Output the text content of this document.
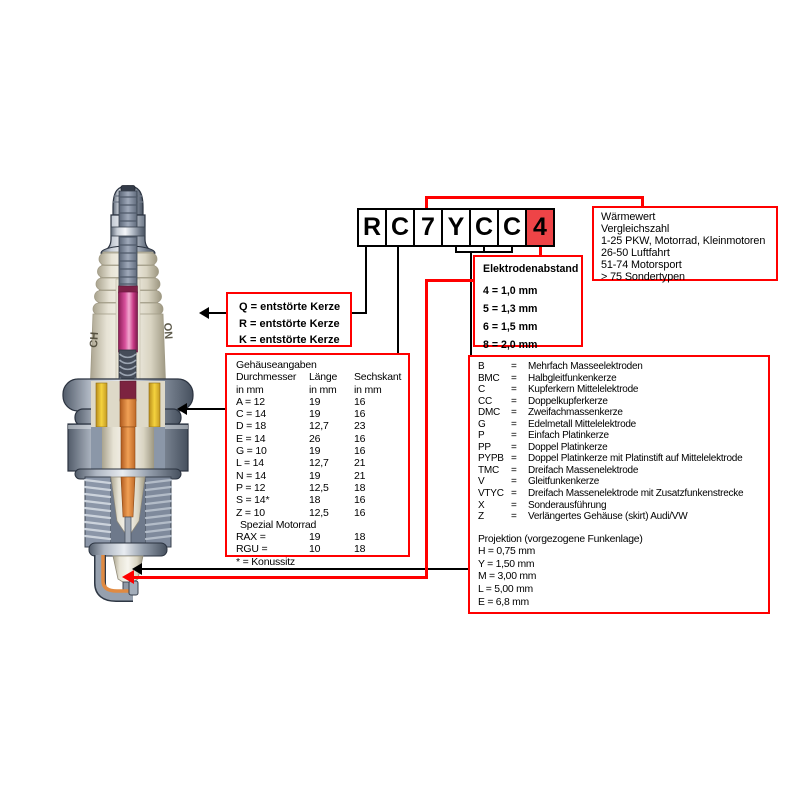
CH
ON
R C 7 Y C C 4
Q = entstörte Kerze
R = entstörte Kerze
K = entstörte Kerze
Wärmewert
Vergleichszahl
1-25 PKW, Motorrad, Kleinmotoren
26-50 Luftfahrt
51-74 Motorsport
> 75 Sondertypen
Elektrodenabstand
4 = 1,0 mm
5 = 1,3 mm
6 = 1,5 mm
8 = 2,0 mm
Gehäuseangaben
Durchmesser	Länge	Sechskant
in mm	in mm	in mm
A = 12	19	16
C = 14	19	16
D = 18	12,7	23
E = 14	26	16
G = 10	19	16
L = 14	12,7	21
N = 14	19	21
P = 12	12,5	18
S = 14*	18	16
Z = 10	12,5	16
Spezial Motorrad
RAX =	19	18
RGU =	10	18
* = Konussitz
B	=	Mehrfach Masseelektroden
BMC	=	Halbgleitfunkenkerze
C	=	Kupferkern Mittelelektrode
CC	=	Doppelkupferkerze
DMC	=	Zweifachmassenkerze
G	=	Edelmetall Mittelelektrode
P	=	Einfach Platinkerze
PP	=	Doppel Platinkerze
PYPB =	Doppel Platinkerze mit Platinstift auf Mittelelektrode
TMC	=	Dreifach Massenelektrode
V	=	Gleitfunkenkerze
VTYC =	Dreifach Massenelektrode mit Zusatzfunkenstrecke
X	=	Sonderausführung
Z	=	Verlängertes Gehäuse (skirt) Audi/VW
Projektion (vorgezogene Funkenlage)
H = 0,75 mm
Y = 1,50 mm
M = 3,00 mm
L = 5,00 mm
E = 6,8 mm
